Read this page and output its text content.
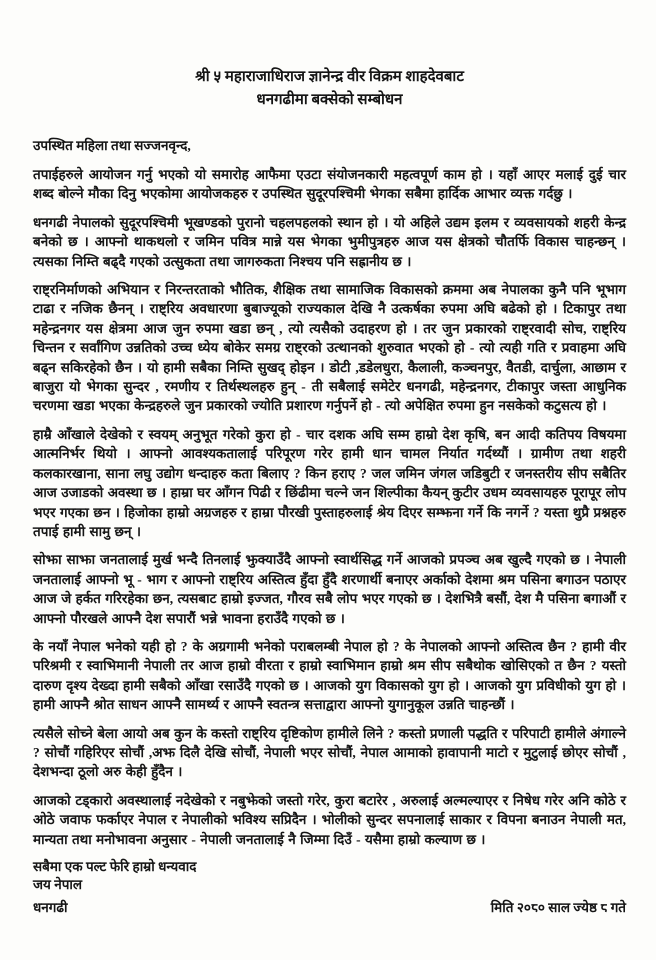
श्री ५ महाराजाधिराज ज्ञानेन्द्र वीर विक्रम शाहदेवबाट
धनगढीमा बक्सेको सम्बोधन

उपस्थित महिला तथा सज्जनवृन्द,

तपाईहरुले आयोजन गर्नु भएको यो समारोह आफैमा एउटा संयोजनकारी महत्वपूर्ण काम हो । यहाँ आएर मलाई दुई चार शब्द बोल्ने मौका दिनु भएकोमा आयोजकहरु र उपस्थित सुदूरपश्चिमी भेगका सबैमा हार्दिक आभार व्यक्त गर्दछु ।

धनगढी नेपालको सुदूरपश्चिमी भूखण्डको पुरानो चहलपहलको स्थान हो । यो अहिले उद्यम इलम र व्यवसायको शहरी केन्द्र बनेको छ । आफ्नो थाकथलो र जमिन पवित्र मान्ने यस भेगका भुमीपुत्रहरु आज यस क्षेत्रको चौतर्फि विकास चाहन्छन् । त्यसका निम्ति बढ्दै गएको उत्सुकता तथा जागरुकता निश्चय पनि सह्रानीय छ ।

राष्ट्रनिर्माणको अभियान र निरन्तरताको भौतिक, शैक्षिक तथा सामाजिक विकासको क्रममा अब नेपालका कुनै पनि भूभाग टाढा र नजिक छैनन् । राष्ट्रिय अवधारणा बुबाज्यूको राज्यकाल देखि नै उत्कर्षका रुपमा अघि बढेको हो । टिकापुर तथा महेन्द्रनगर यस क्षेत्रमा आज जुन रुपमा खडा छन् , त्यो त्यसैको उदाहरण हो । तर जुन प्रकारको राष्ट्रवादी सोच, राष्ट्रिय चिन्तन र सर्वांगिण उन्नतिको उच्च ध्येय बोकेर समग्र राष्ट्रको उत्थानको शुरुवात भएको हो - त्यो त्यही गति र प्रवाहमा अघि बढ्न सकिरहेको छैन । यो हामी सबैका निम्ति सुखद् होइन । डोटी ,डडेलधुरा, कैलाली, कञ्चनपुर, वैतडी, दार्चुला, आछाम र बाजुरा यो भेगका सुन्दर , रमणीय र तिर्थस्थलहरु हुन् - ती सबैलाई समेटेर धनगढी, महेन्द्रनगर, टीकापुर जस्ता आधुनिक चरणमा खडा भएका केन्द्रहरुले जुन प्रकारको ज्योति प्रशारण गर्नुपर्ने हो - त्यो अपेक्षित रुपमा हुन नसकेको कटुसत्य हो ।

हाम्रै आँखाले देखेको र स्वयम् अनुभूत गरेको कुरा हो - चार दशक अघि सम्म हाम्रो देश कृषि, बन आदी कतिपय विषयमा आत्मनिर्भर थियो । आफ्नो आवश्यकतालाई परिपूरण गरेर हामी धान चामल निर्यात गर्दथ्यौं । ग्रामीण तथा शहरी कलकारखाना, साना लघु उद्योग धन्दाहरु कता बिलाए ? किन हराए ? जल जमिन जंगल जडिबुटी र जनस्तरीय सीप सबैतिर आज उजाडको अवस्था छ । हाम्रा घर आँगन पिढी र छिंढीमा चल्ने जन शिल्पीका कैयन् कुटीर उधम व्यवसायहरु पूरापूर लोप भएर गएका छन । हिजोका हाम्रो अग्रजहरु र हाम्रा पौरखी पुस्ताहरुलाई श्रेय दिएर सम्झना गर्ने कि नगर्ने ? यस्ता थुप्रै प्रश्नहरु तपाई हामी सामु छन् ।

सोझा साझा जनतालाई मुर्ख भन्दै तिनलाई झुक्याउँदै आफ्नो स्वार्थसिद्ध गर्ने आजको प्रपञ्च अब खुल्दै गएको छ । नेपाली जनतालाई आफ्नो भू - भाग र आफ्नो राष्ट्रिय अस्तित्व हुँदा हुँदै शरणार्थी बनाएर अर्काको देशमा श्रम पसिना बगाउन पठाएर आज जे हर्कत गरिरहेका छन, त्यसबाट हाम्रो इज्जत, गौरव सबै लोप भएर गएको छ । देशभित्रै बसौं, देश मै पसिना बगाऔं र आफ्नो पौरखले आफ्नै देश सपारौं भन्ने भावना हराउँदै गएको छ ।

के नयाँ नेपाल भनेको यही हो ? के अग्रगामी भनेको पराबलम्बी नेपाल हो ? के नेपालको आफ्नो अस्तित्व छैन ? हामी वीर परिश्रमी र स्वाभिमानी नेपाली तर आज हाम्रो वीरता र हाम्रो स्वाभिमान हाम्रो श्रम सीप सबैथोक खोसिएको त छैन ? यस्तो दारुण दृश्य देख्दा हामी सबैको आँखा रसाउँदै गएको छ । आजको युग विकासको युग हो । आजको युग प्रविधीको युग हो । हामी आफ्नै श्रोत साधन आफ्नै सामर्थ्य र आफ्नै स्वतन्त्र सत्ताद्वारा आफ्नो युगानुकूल उन्नति चाहन्छौं ।

त्यसैले सोच्ने बेला आयो अब कुन के कस्तो राष्ट्रिय दृष्टिकोण हामीले लिने ? कस्तो प्रणाली पद्धति र परिपाटी हामीले अंगाल्ने ? सोचौं गहिरिएर सोचौं ,अझ दिलै देखि सोचौं, नेपाली भएर सोचौं, नेपाल आमाको हावापानी माटो र मुटुलाई छोएर सोचौं , देशभन्दा ठूलो अरु केही हुँदैन ।

आजको टड्कारो अवस्थालाई नदेखेको र नबुझेको जस्तो गरेर, कुरा बटारेर , अरुलाई अल्मल्याएर र निषेध गरेर अनि कोठे र ओठे जवाफ फर्काएर नेपाल र नेपालीको भविश्य सप्रिदैन । भोलीको सुन्दर सपनालाई साकार र विपना बनाउन नेपाली मत, मान्यता तथा मनोभावना अनुसार - नेपाली जनतालाई नै जिम्मा दिउँ - यसैमा हाम्रो कल्याण छ ।

सबैमा एक पल्ट फेरि हाम्रो धन्यवाद

जय नेपाल

धनगढी	मिति २०८० साल ज्येष्ठ ८ गते
